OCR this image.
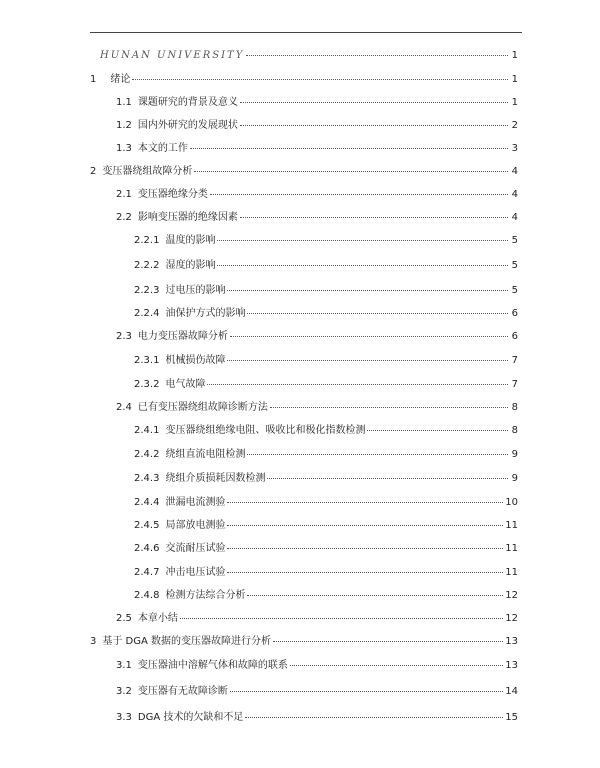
HUNAN UNIVERSITY	1
1	绪论	1
1.1 课题研究的背景及意义	1
1.2 国内外研究的发展现状	2
1.3 本文的工作	3
2 变压器绕组故障分析	4
2.1 变压器绝缘分类	4
2.2 影响变压器的绝缘因素	4
2.2.1 温度的影响	5
2.2.2 湿度的影响	5
2.2.3 过电压的影响	5
2.2.4 油保护方式的影响	6
2.3 电力变压器故障分析	6
2.3.1 机械损伤故障	7
2.3.2 电气故障	7
2.4 已有变压器绕组故障诊断方法	8
2.4.1 变压器绕组绝缘电阻、吸收比和极化指数检测	8
2.4.2 绕组直流电阻检测	9
2.4.3 绕组介质损耗因数检测	9
2.4.4 泄漏电流测验	10
2.4.5 局部放电测验	11
2.4.6 交流耐压试验	11
2.4.7 冲击电压试验	11
2.4.8 检测方法综合分析	12
2.5 本章小结	12
3 基于 DGA 数据的变压器故障进行分析	13
3.1 变压器油中溶解气体和故障的联系	13
3.2 变压器有无故障诊断	14
3.3 DGA 技术的欠缺和不足	15
